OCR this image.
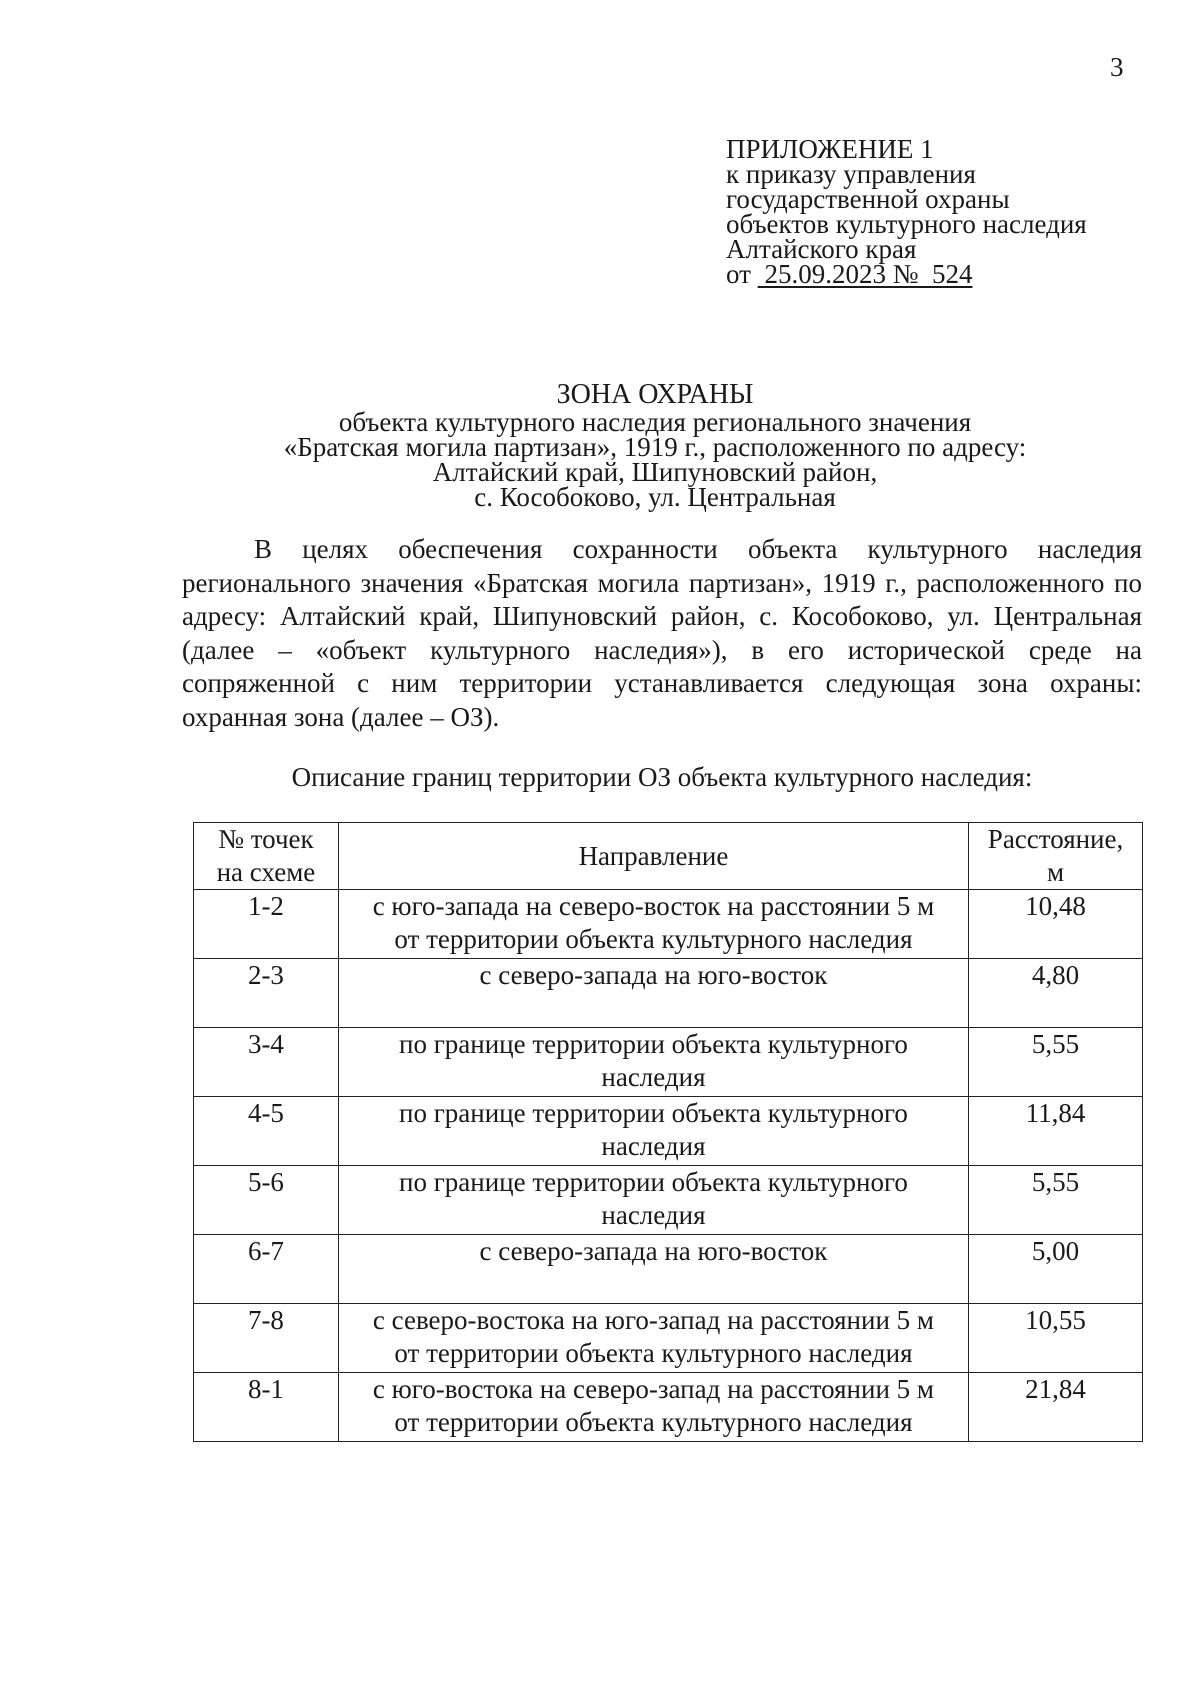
3
ПРИЛОЖЕНИЕ 1
к приказу управления
государственной охраны
объектов культурного наследия
Алтайского края
от 25.09.2023 № 524
ЗОНА ОХРАНЫ
объекта культурного наследия регионального значения
«Братская могила партизан», 1919 г., расположенного по адресу:
Алтайский край, Шипуновский район,
с. Кособоково, ул. Центральная

В целях обеспечения сохранности объекта культурного наследия регионального значения «Братская могила партизан», 1919 г., расположенного по адресу: Алтайский край, Шипуновский район, с. Кособоково, ул. Центральная (далее – «объект культурного наследия»), в его исторической среде на сопряженной с ним территории устанавливается следующая зона охраны: охранная зона (далее – ОЗ).

Описание границ территории ОЗ объекта культурного наследия:
№ точек
на схеме	Направление	Расстояние,
м

1-2	с юго-запада на северо-восток на расстоянии 5 м
от территории объекта культурного наследия	10,48
2-3	с северо-запада на юго-восток	4,80
3-4	по границе территории объекта культурного
наследия	5,55
4-5	по границе территории объекта культурного
наследия	11,84
5-6	по границе территории объекта культурного
наследия	5,55
6-7	с северо-запада на юго-восток	5,00
7-8	с северо-востока на юго-запад на расстоянии 5 м
от территории объекта культурного наследия	10,55
8-1	с юго-востока на северо-запад на расстоянии 5 м
от территории объекта культурного наследия	21,84
